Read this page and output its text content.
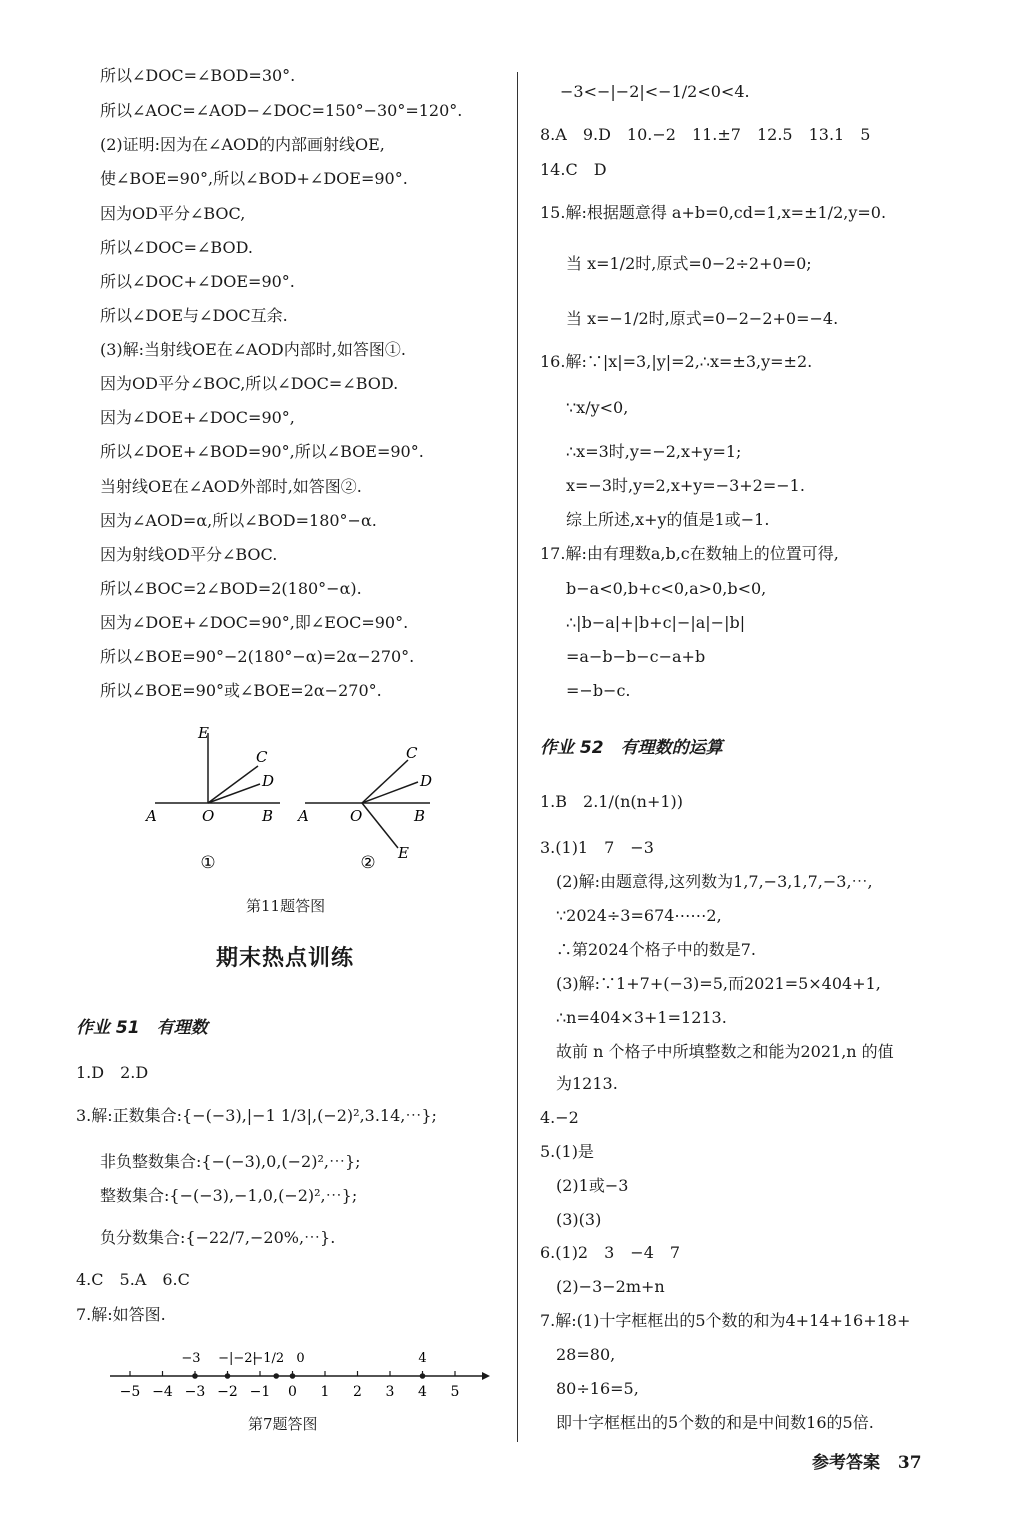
所以∠DOC=∠BOD=30°.
所以∠AOC=∠AOD−∠DOC=150°−30°=120°.
(2)证明:因为在∠AOD的内部画射线OE,
使∠BOE=90°,所以∠BOD+∠DOE=90°.
因为OD平分∠BOC,
所以∠DOC=∠BOD.
所以∠DOC+∠DOE=90°.
所以∠DOE与∠DOC互余.
(3)解:当射线OE在∠AOD内部时,如答图①.
因为OD平分∠BOC,所以∠DOC=∠BOD.
因为∠DOE+∠DOC=90°,
所以∠DOE+∠BOD=90°,所以∠BOE=90°.
当射线OE在∠AOD外部时,如答图②.
因为∠AOD=α,所以∠BOD=180°−α.
因为射线OD平分∠BOC.
所以∠BOC=2∠BOD=2(180°−α).
因为∠DOE+∠DOC=90°,即∠EOC=90°.
所以∠BOE=90°−2(180°−α)=2α−270°.
所以∠BOE=90°或∠BOE=2α−270°.
E
C
D
A	O	B
①
C
D
A	O	B
E
②
第11题答图
期末热点训练
作业 51　有理数
1.D　2.D
3.解:正数集合:{−(−3),|−1 1/3|,(−2)²,3.14,⋯};
非负整数集合:{−(−3),0,(−2)²,⋯};
整数集合:{−(−3),−1,0,(−2)²,⋯};
负分数集合:{−22/7,−20%,⋯}.
4.C　5.A　6.C
7.解:如答图.
−5 −4 −3 −2 −1 0 1 2 3 4 5
−3 −|−2|
−1/2 0	4
第7题答图
−3<−|−2|<−1/2<0<4.
8.A　9.D　10.−2　11.±7　12.5　13.1　5
14.C　D
15.解:根据题意得 a+b=0,cd=1,x=±1/2,y=0.
当 x=1/2时,原式=0−2÷2+0=0;
当 x=−1/2时,原式=0−2−2+0=−4.
16.解:∵|x|=3,|y|=2,∴x=±3,y=±2.
∵x/y<0,
∴x=3时,y=−2,x+y=1;
x=−3时,y=2,x+y=−3+2=−1.
综上所述,x+y的值是1或−1.
17.解:由有理数a,b,c在数轴上的位置可得,
b−a<0,b+c<0,a>0,b<0,
∴|b−a|+|b+c|−|a|−|b|
=a−b−b−c−a+b
=−b−c.
作业 52　有理数的运算
1.B　2.1/(n(n+1))
3.(1)1　7　−3
(2)解:由题意得,这列数为1,7,−3,1,7,−3,⋯,
∵2024÷3=674⋯⋯2,
∴第2024个格子中的数是7.
(3)解:∵1+7+(−3)=5,而2021=5×404+1,
∴n=404×3+1=1213.
故前 n 个格子中所填整数之和能为2021,n 的值
为1213.
4.−2
5.(1)是
(2)1或−3
(3)(3)
6.(1)2　3　−4　7
(2)−3−2m+n
7.解:(1)十字框框出的5个数的和为4+14+16+18+
28=80,
80÷16=5,
即十字框框出的5个数的和是中间数16的5倍.
参考答案 37
